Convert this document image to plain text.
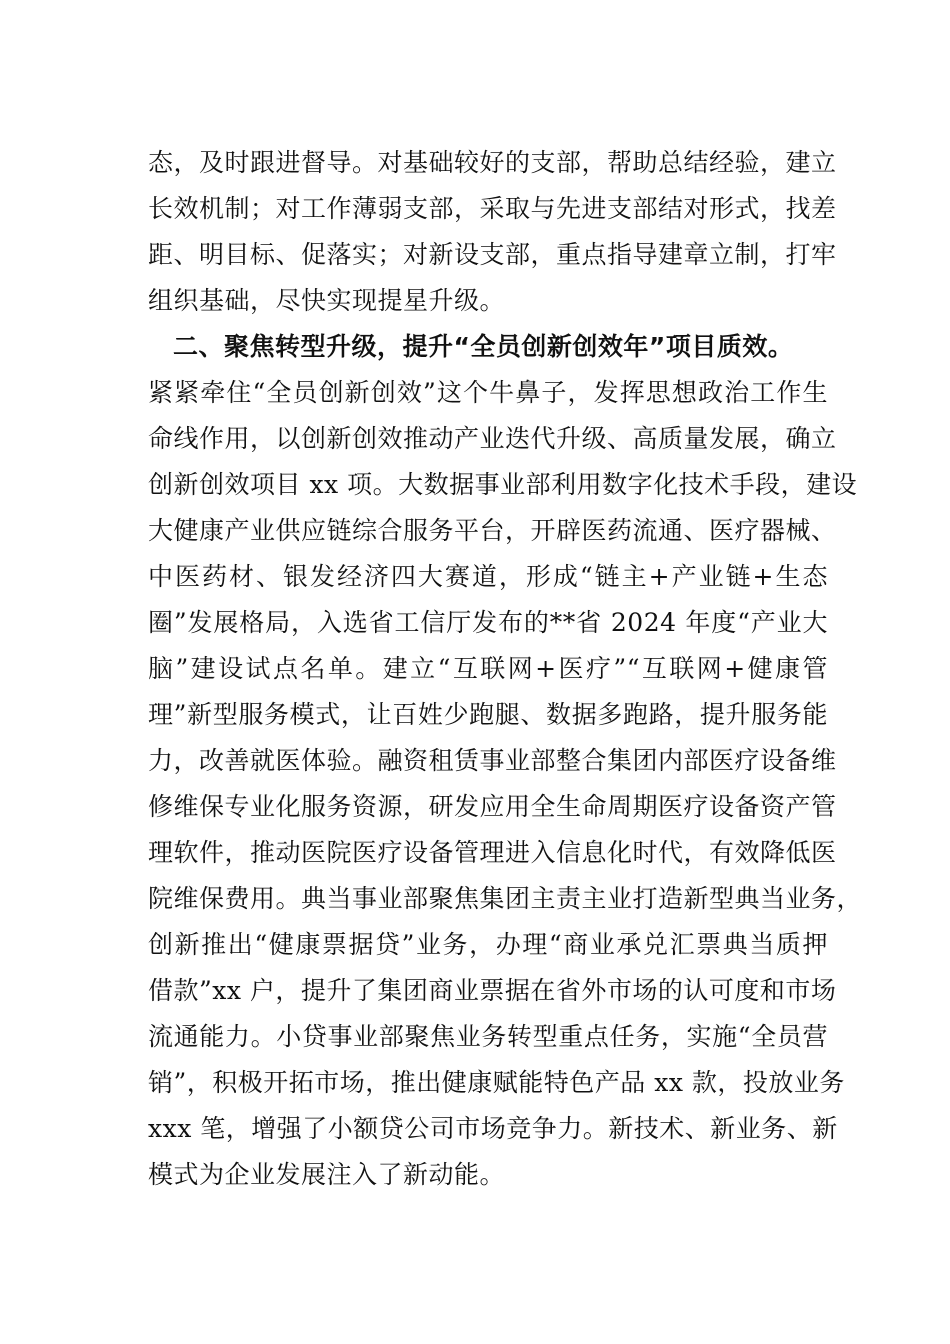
态，及时跟进督导。对基础较好的支部，帮助总结经验，建立
长效机制；对工作薄弱支部，采取与先进支部结对形式，找差
距、明目标、促落实；对新设支部，重点指导建章立制，打牢
组织基础，尽快实现提星升级。
二、聚焦转型升级，提升“全员创新创效年”项目质效。
紧紧牵住“全员创新创效”这个牛鼻子，发挥思想政治工作生
命线作用，以创新创效推动产业迭代升级、高质量发展，确立
创新创效项目 xx 项。大数据事业部利用数字化技术手段，建设
大健康产业供应链综合服务平台，开辟医药流通、医疗器械、
中医药材、银发经济四大赛道，形成“链主+产业链+生态
圈”发展格局，入选省工信厅发布的**省 2024 年度“产业大
脑”建设试点名单。建立“互联网+医疗”“互联网+健康管
理”新型服务模式，让百姓少跑腿、数据多跑路，提升服务能
力，改善就医体验。融资租赁事业部整合集团内部医疗设备维
修维保专业化服务资源，研发应用全生命周期医疗设备资产管
理软件，推动医院医疗设备管理进入信息化时代，有效降低医
院维保费用。典当事业部聚焦集团主责主业打造新型典当业务，
创新推出“健康票据贷”业务，办理“商业承兑汇票典当质押
借款”xx 户，提升了集团商业票据在省外市场的认可度和市场
流通能力。小贷事业部聚焦业务转型重点任务，实施“全员营
销”，积极开拓市场，推出健康赋能特色产品 xx 款，投放业务
xxx 笔，增强了小额贷公司市场竞争力。新技术、新业务、新
模式为企业发展注入了新动能。
